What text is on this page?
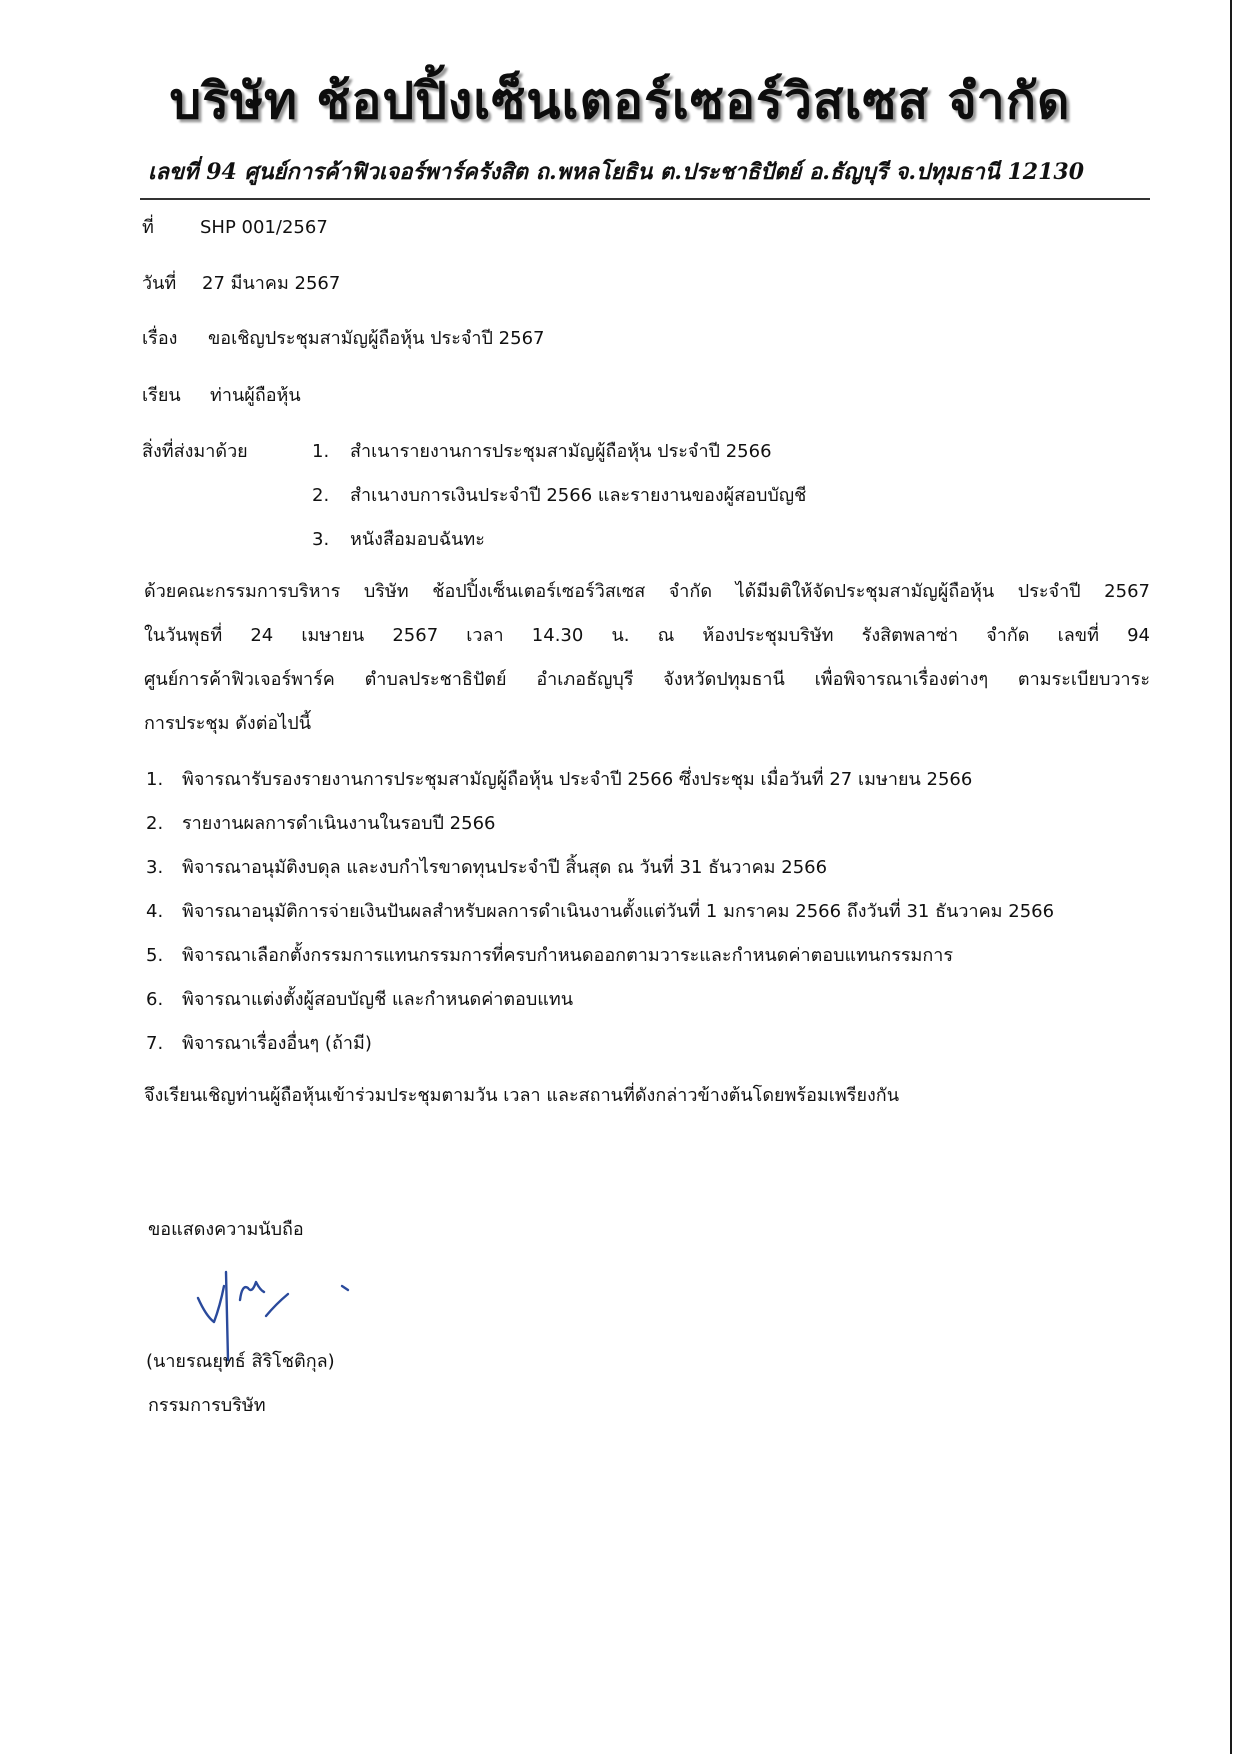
บริษัท ช้อปปิ้งเซ็นเตอร์เซอร์วิสเซส จำกัด
เลขที่ 94 ศูนย์การค้าฟิวเจอร์พาร์ครังสิต ถ.พหลโยธิน ต.ประชาธิปัตย์ อ.ธัญบุรี จ.ปทุมธานี 12130
ที่	SHP 001/2567
วันที่ 27 มีนาคม 2567
เรื่อง ขอเชิญประชุมสามัญผู้ถือหุ้น ประจำปี 2567
เรียน ท่านผู้ถือหุ้น
สิ่งที่ส่งมาด้วย	1. สำเนารายงานการประชุมสามัญผู้ถือหุ้น ประจำปี 2566
2. สำเนางบการเงินประจำปี 2566 และรายงานของผู้สอบบัญชี
3. หนังสือมอบฉันทะ
ด้วยคณะกรรมการบริหาร บริษัท ช้อปปิ้งเซ็นเตอร์เซอร์วิสเซส จำกัด ได้มีมติให้จัดประชุมสามัญผู้ถือหุ้น ประจำปี 2567
ในวันพุธที่ 24 เมษายน 2567 เวลา 14.30 น. ณ ห้องประชุมบริษัท รังสิตพลาซ่า จำกัด เลขที่ 94
ศูนย์การค้าฟิวเจอร์พาร์ค ตำบลประชาธิปัตย์ อำเภอธัญบุรี จังหวัดปทุมธานี เพื่อพิจารณาเรื่องต่างๆ ตามระเบียบวาระ
การประชุม ดังต่อไปนี้
1. พิจารณารับรองรายงานการประชุมสามัญผู้ถือหุ้น ประจำปี 2566 ซึ่งประชุม เมื่อวันที่ 27 เมษายน 2566
2. รายงานผลการดำเนินงานในรอบปี 2566
3. พิจารณาอนุมัติงบดุล และงบกำไรขาดทุนประจำปี สิ้นสุด ณ วันที่ 31 ธันวาคม 2566
4. พิจารณาอนุมัติการจ่ายเงินปันผลสำหรับผลการดำเนินงานตั้งแต่วันที่ 1 มกราคม 2566 ถึงวันที่ 31 ธันวาคม 2566
5. พิจารณาเลือกตั้งกรรมการแทนกรรมการที่ครบกำหนดออกตามวาระและกำหนดค่าตอบแทนกรรมการ
6. พิจารณาแต่งตั้งผู้สอบบัญชี และกำหนดค่าตอบแทน
7. พิจารณาเรื่องอื่นๆ (ถ้ามี)
จึงเรียนเชิญท่านผู้ถือหุ้นเข้าร่วมประชุมตามวัน เวลา และสถานที่ดังกล่าวข้างต้นโดยพร้อมเพรียงกัน
ขอแสดงความนับถือ
(นายรณยุทธ์ สิริโชติกุล)
กรรมการบริษัท
